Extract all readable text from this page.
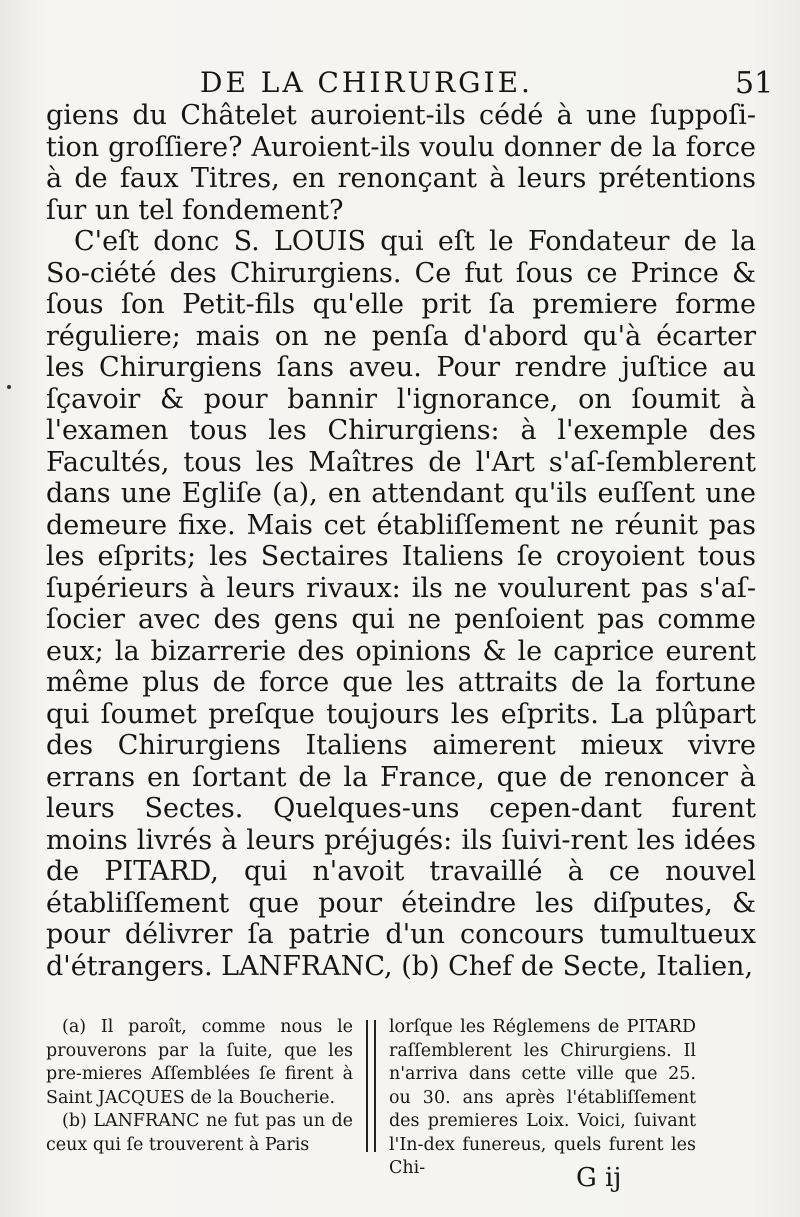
DE LA CHIRURGIE.	51

giens du Châtelet auroient-ils cédé à une ſuppoſi-tion groſſiere? Auroient-ils voulu donner de la force à de faux Titres, en renonçant à leurs prétentions ſur un tel fondement?

C'eſt donc S. LOUIS qui eſt le Fondateur de la So-ciété des Chirurgiens. Ce fut ſous ce Prince & ſous ſon Petit-fils qu'elle prit ſa premiere forme réguliere; mais on ne penſa d'abord qu'à écarter les Chirurgiens ſans aveu. Pour rendre juſtice au ſçavoir & pour bannir l'ignorance, on ſoumit à l'examen tous les Chirurgiens: à l'exemple des Facultés, tous les Maîtres de l'Art s'aſ-ſemblerent dans une Egliſe (a), en attendant qu'ils euſſent une demeure fixe. Mais cet établiſſement ne réunit pas les eſprits; les Sectaires Italiens ſe croyoient tous ſupérieurs à leurs rivaux: ils ne voulurent pas s'aſ-ſocier avec des gens qui ne penſoient pas comme eux; la bizarrerie des opinions & le caprice eurent même plus de force que les attraits de la fortune qui ſoumet preſque toujours les eſprits. La plûpart des Chirurgiens Italiens aimerent mieux vivre errans en ſortant de la France, que de renoncer à leurs Sectes. Quelques-uns cepen-dant furent moins livrés à leurs préjugés: ils ſuivi-rent les idées de PITARD, qui n'avoit travaillé à ce nouvel établiſſement que pour éteindre les diſputes, & pour délivrer ſa patrie d'un concours tumultueux d'étrangers. LANFRANC, (b) Chef de Secte, Italien,

(a) Il paroît, comme nous le prouverons par la ſuite, que les pre-mieres Aſſemblées ſe firent à Saint JACQUES de la Boucherie.

(b) LANFRANC ne fut pas un de ceux qui ſe trouverent à Paris

lorſque les Réglemens de PITARD raſſemblerent les Chirurgiens. Il n'arriva dans cette ville que 25. ou 30. ans après l'établiſſement des premieres Loix. Voici, ſuivant l'In-dex funereus, quels furent les Chi-	G ij
